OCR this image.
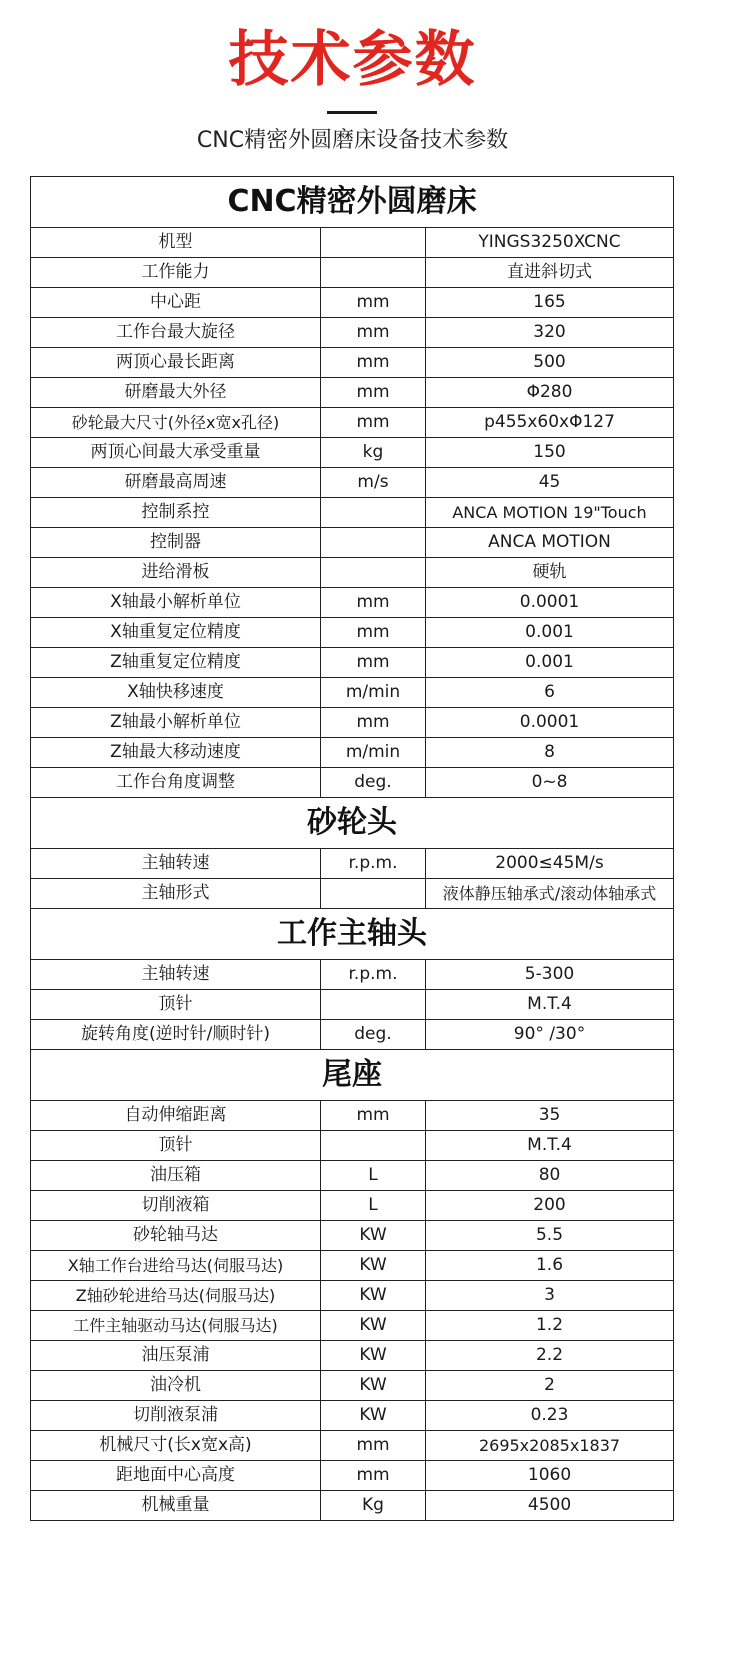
技术参数
CNC精密外圆磨床设备技术参数
CNC精密外圆磨床		
机型		YINGS3250XCNC
工作能力		直进斜切式
中心距	mm	165
工作台最大旋径	mm	320
两顶心最长距离	mm	500
研磨最大外径	mm	Φ280
砂轮最大尺寸(外径x宽x孔径)	mm	p455x60xΦ127
两顶心间最大承受重量	kg	150
研磨最高周速	m/s	45
控制系控		ANCA MOTION 19"Touch
控制器		ANCA MOTION
进给滑板		硬轨
X轴最小解析单位	mm	0.0001
X轴重复定位精度	mm	0.001
Z轴重复定位精度	mm	0.001
X轴快移速度	m/min	6
Z轴最小解析单位	mm	0.0001
Z轴最大移动速度	m/min	8
工作台角度调整	deg.	0~8
砂轮头		
主轴转速	r.p.m.	2000≤45M/s
主轴形式		液体静压轴承式/滚动体轴承式
工作主轴头		
主轴转速	r.p.m.	5-300
顶针		M.T.4
旋转角度(逆时针/顺时针)	deg.	90° /30°
尾座		
自动伸缩距离	mm	35
顶针		M.T.4
油压箱	L	80
切削液箱	L	200
砂轮轴马达	KW	5.5
X轴工作台进给马达(伺服马达)	KW	1.6
Z轴砂轮进给马达(伺服马达)	KW	3
工件主轴驱动马达(伺服马达)	KW	1.2
油压泵浦	KW	2.2
油冷机	KW	2
切削液泵浦	KW	0.23
机械尺寸(长x宽x高)	mm	2695x2085x1837
距地面中心高度	mm	1060
机械重量	Kg	4500
